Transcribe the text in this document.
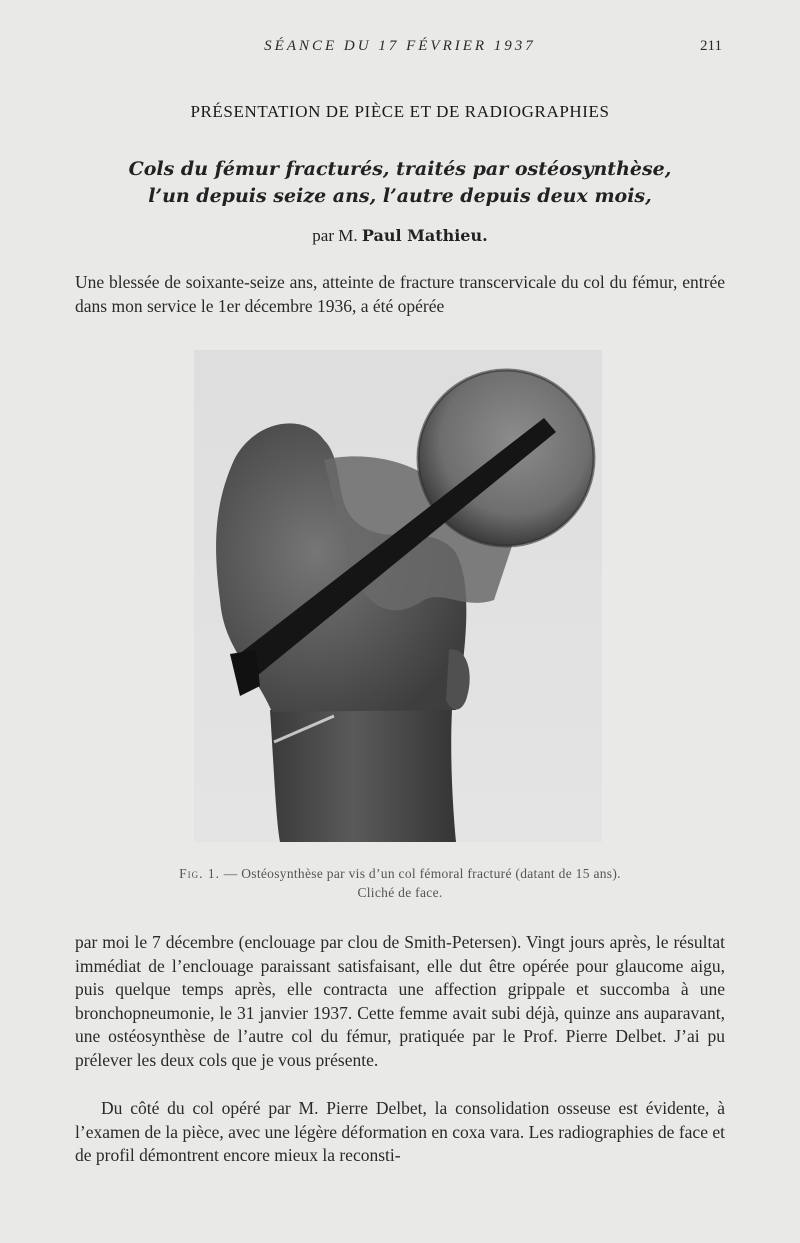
SÉANCE DU 17 FÉVRIER 1937	211
PRÉSENTATION DE PIÈCE ET DE RADIOGRAPHIES
Cols du fémur fracturés, traités par ostéosynthèse,
l’un depuis seize ans, l’autre depuis deux mois,
par M. Paul Mathieu.

Une blessée de soixante-seize ans, atteinte de fracture transcervicale du col du fémur, entrée dans mon service le 1er décembre 1936, a été opérée

Fig. 1. — Ostéosynthèse par vis d’un col fémoral fracturé (datant de 15 ans).
Cliché de face.

par moi le 7 décembre (enclouage par clou de Smith-Petersen). Vingt jours après, le résultat immédiat de l’enclouage paraissant satisfaisant, elle dut être opérée pour glaucome aigu, puis quelque temps après, elle contracta une affection grippale et succomba à une bronchopneumonie, le 31 janvier 1937. Cette femme avait subi déjà, quinze ans auparavant, une ostéosynthèse de l’autre col du fémur, pratiquée par le Prof. Pierre Delbet. J’ai pu prélever les deux cols que je vous présente.

Du côté du col opéré par M. Pierre Delbet, la consolidation osseuse est évidente, à l’examen de la pièce, avec une légère déformation en coxa vara. Les radiographies de face et de profil démontrent encore mieux la reconsti-
